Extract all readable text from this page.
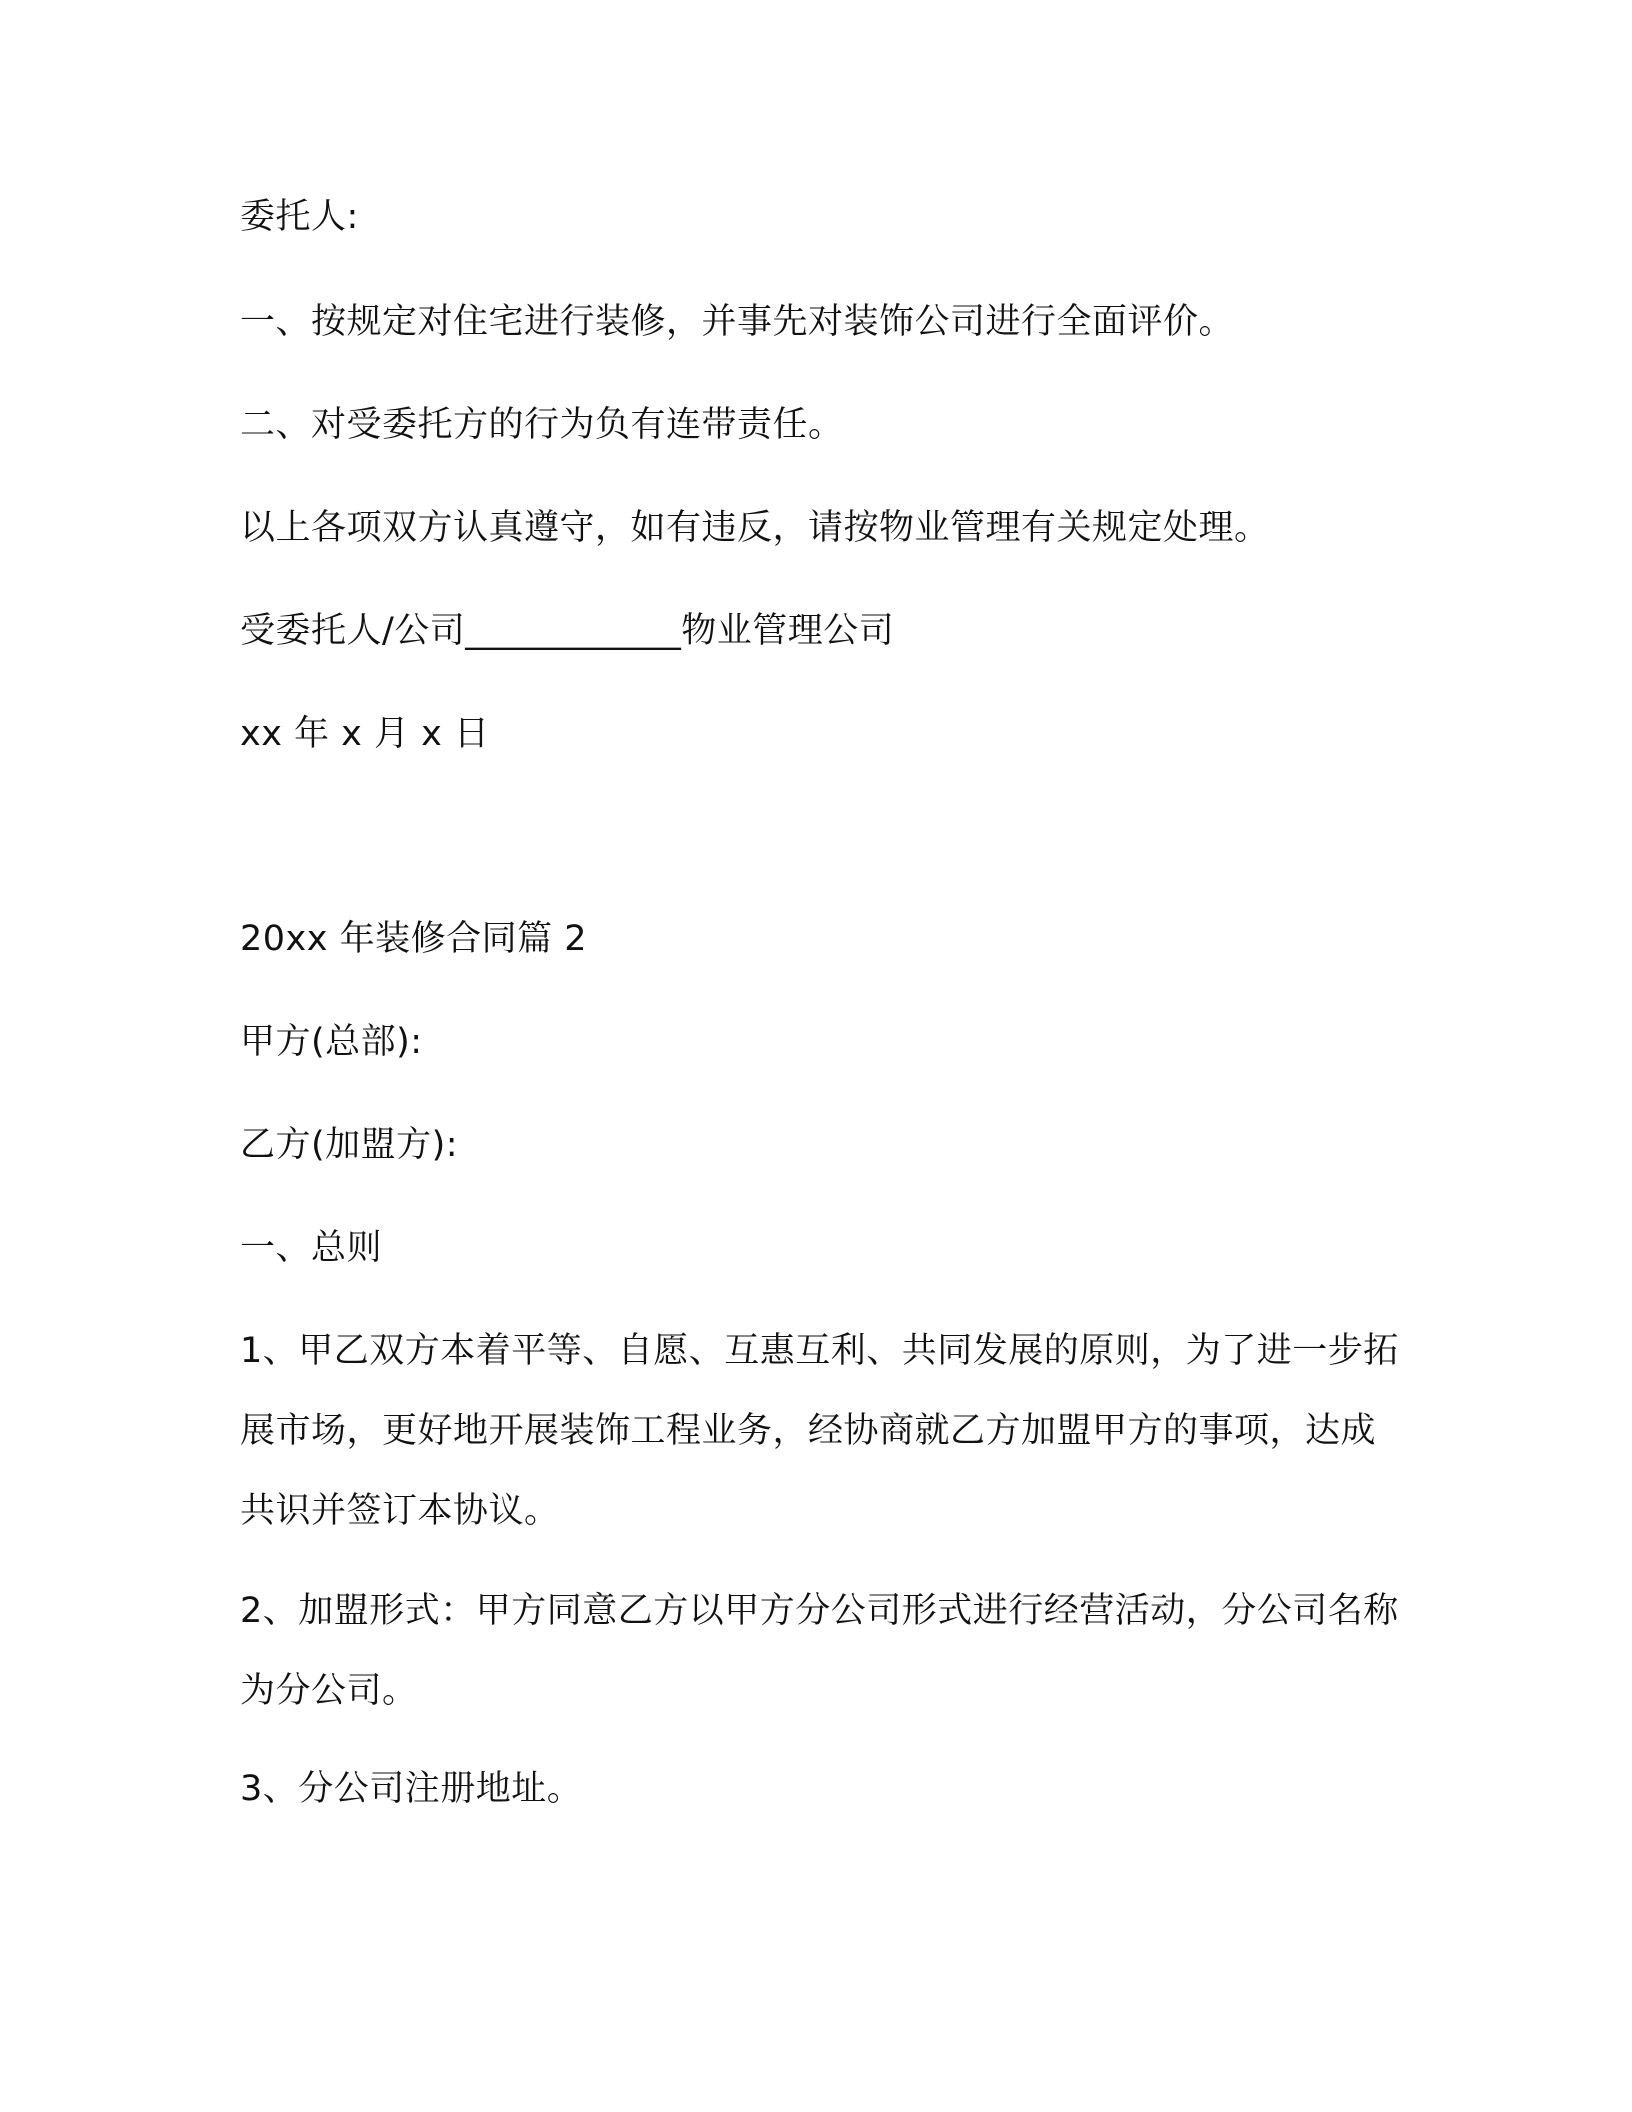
委托人:

一、按规定对住宅进行装修，并事先对装饰公司进行全面评价。

二、对受委托方的行为负有连带责任。

以上各项双方认真遵守，如有违反，请按物业管理有关规定处理。

受委托人/公司____________物业管理公司

xx 年 x 月 x 日

20xx 年装修合同篇 2

甲方(总部):

乙方(加盟方):

一、总则

1、甲乙双方本着平等、自愿、互惠互利、共同发展的原则，为了进一步拓展市场，更好地开展装饰工程业务，经协商就乙方加盟甲方的事项，达成共识并签订本协议。

2、加盟形式：甲方同意乙方以甲方分公司形式进行经营活动，分公司名称为分公司。

3、分公司注册地址。
